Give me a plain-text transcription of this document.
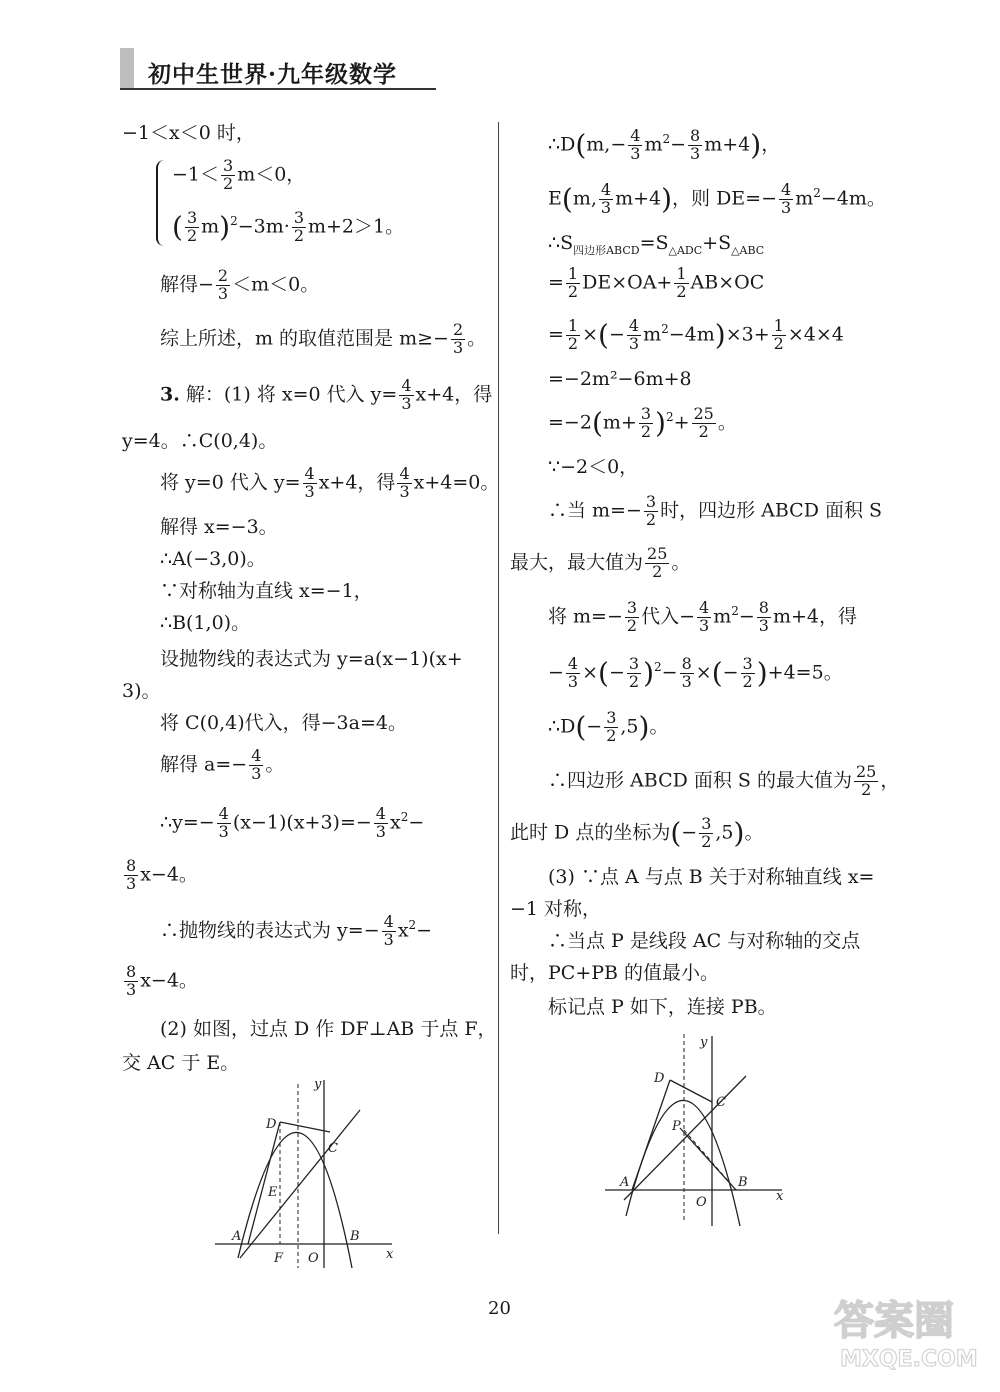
初中生世界·九年级数学
−1＜x＜0 时，
$-1< \frac{3}{2} m<0$，
( $\frac{3}{2} m)^2-3m\cdot \frac{3}{2} m+2>1$。
解得− $\frac{2}{3} <m<0$。
综上所述，m 的取值范围是 $m\ge- \frac{2}{3}$ 。
3. 解：(1) 将 x=0 代入 $y= \frac{4}{3} x+4$，得
y=4。∴C(0,4)。
将 y=0 代入 $y= \frac{4}{3} x+4$，得 $\frac{4}{3} x+4=0$。
解得 x=−3。
∴A(−3,0)。
∵对称轴为直线 x=−1，
∴B(1,0)。
设抛物线的表达式为 y=a(x−1)(x+
3)。
将 C(0,4)代入，得−3a=4。
解得 $a=- \frac{4}{3}$ 。
∴y=− $\frac{4}{3} (x-1)(x+3)=- \frac{4}{3} x^2-$
$\frac{8}{3} x-4$。
∴抛物线的表达式为 $y=- \frac{4}{3} x^2-$
$\frac{8}{3} x-4$。
(2) 如图，过点 D 作 DF⊥AB 于点 F，
交 AC 于 E。
y
x
D
C
E
A
F O
B
∴D(m,− $\frac{4}{3} m^2- \frac{8}{3} m+4$)，
E(m, $\frac{4}{3} m+4$)，则 $DE=- \frac{4}{3} m^2-4m$。
$\therefore S_{四边形ABCD}=S_{\triangle ADC}+S_{\triangle ABC}$
= $\frac{1}{2} DE\times OA+ \frac{1}{2} AB\times OC$
= $\frac{1}{2}$ ×(− $\frac{4}{3} m^2-4m)\times 3+ \frac{1}{2} \times 4\times 4$
=−2m²−6m+8
$=-2(m+ \frac{3}{2} )^2+ \frac{25}{2}$ 。
∵−2＜0，
∴当 $m=- \frac{3}{2}$ 时，四边形 ABCD 面积 S
最大，最大值为 $\frac{25}{2}$ 。
将 $m=- \frac{3}{2}$ 代入− $\frac{4}{3} m^2- \frac{8}{3} m+4$，得
− $\frac{4}{3}$ ×(− $\frac{3}{2} )^2- \frac{8}{3}$ ×(− $\frac{3}{2} )+4=5$。
∴D(− $\frac{3}{2} ,5$)。
∴四边形 ABCD 面积 S 的最大值为 $\frac{25}{2}$ ，
此时 D 点的坐标为(− $\frac{3}{2} ,5$)。
(3) ∵点 A 与点 B 关于对称轴直线 x=
−1 对称，
∴当点 P 是线段 AC 与对称轴的交点
时，PC+PB 的值最小。
标记点 P 如下，连接 PB。
y
x
D
C
P
A
O
B
20	答案圈
MXQE.COM
